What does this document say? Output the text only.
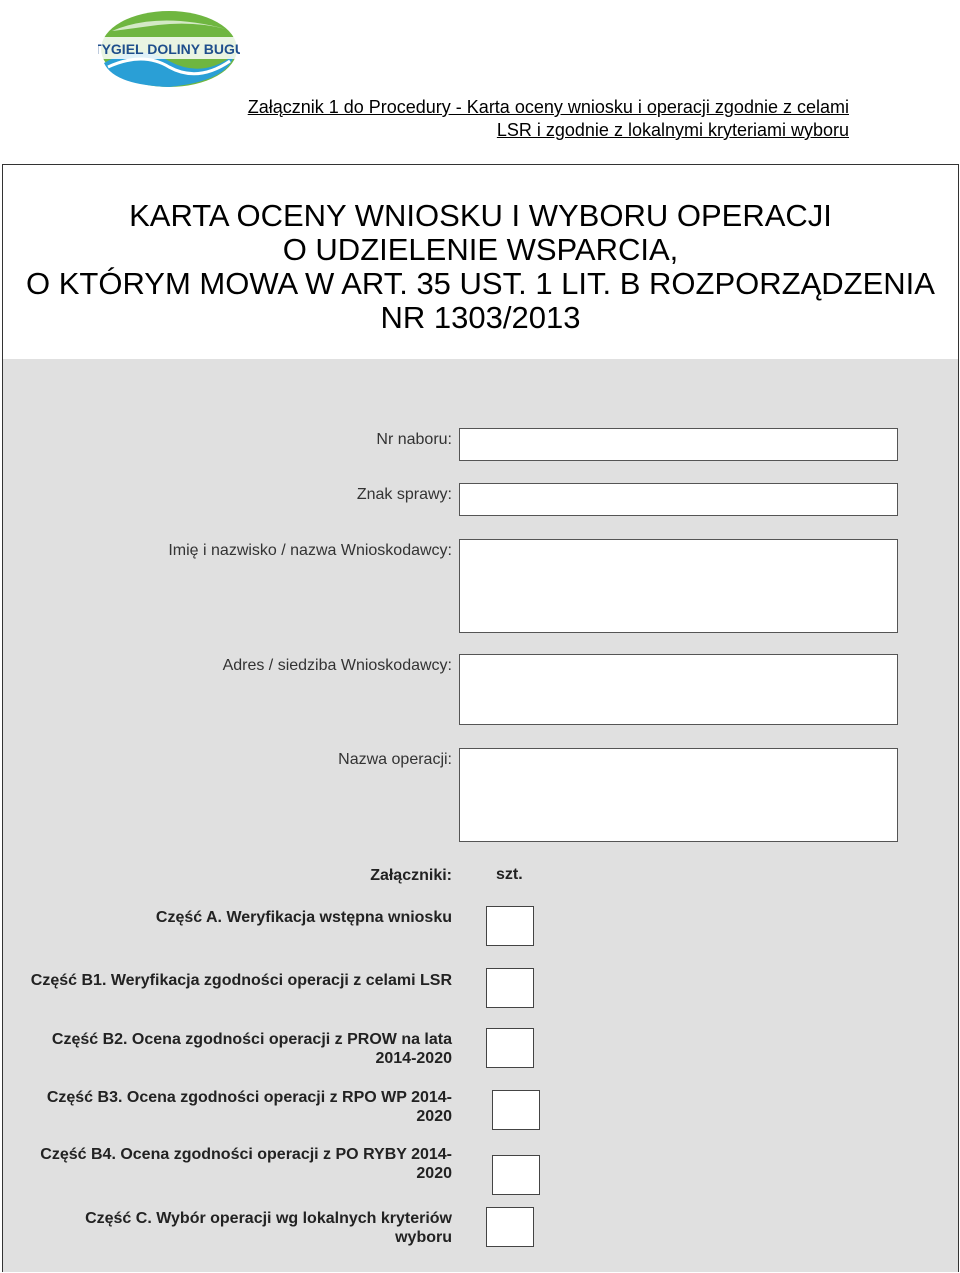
TYGIEL DOLINY BUGU
Załącznik 1 do Procedury - Karta oceny wniosku i operacji zgodnie z celami
LSR i zgodnie z lokalnymi kryteriami wyboru
KARTA OCENY WNIOSKU I WYBORU OPERACJI
O UDZIELENIE WSPARCIA,
O KTÓRYM MOWA W ART. 35 UST. 1 LIT. B ROZPORZĄDZENIA
NR 1303/2013
Nr naboru:
Znak sprawy:
Imię i nazwisko / nazwa Wnioskodawcy:
Adres / siedziba Wnioskodawcy:
Nazwa operacji:
Załączniki:	szt.
Część A. Weryfikacja wstępna wniosku
Część B1. Weryfikacja zgodności operacji z celami LSR
Część B2. Ocena zgodności operacji z PROW na lata
2014-2020
Część B3. Ocena zgodności operacji z RPO WP 2014-
2020
Część B4. Ocena zgodności operacji z PO RYBY 2014-
2020
Część C. Wybór operacji wg lokalnych kryteriów
wyboru
